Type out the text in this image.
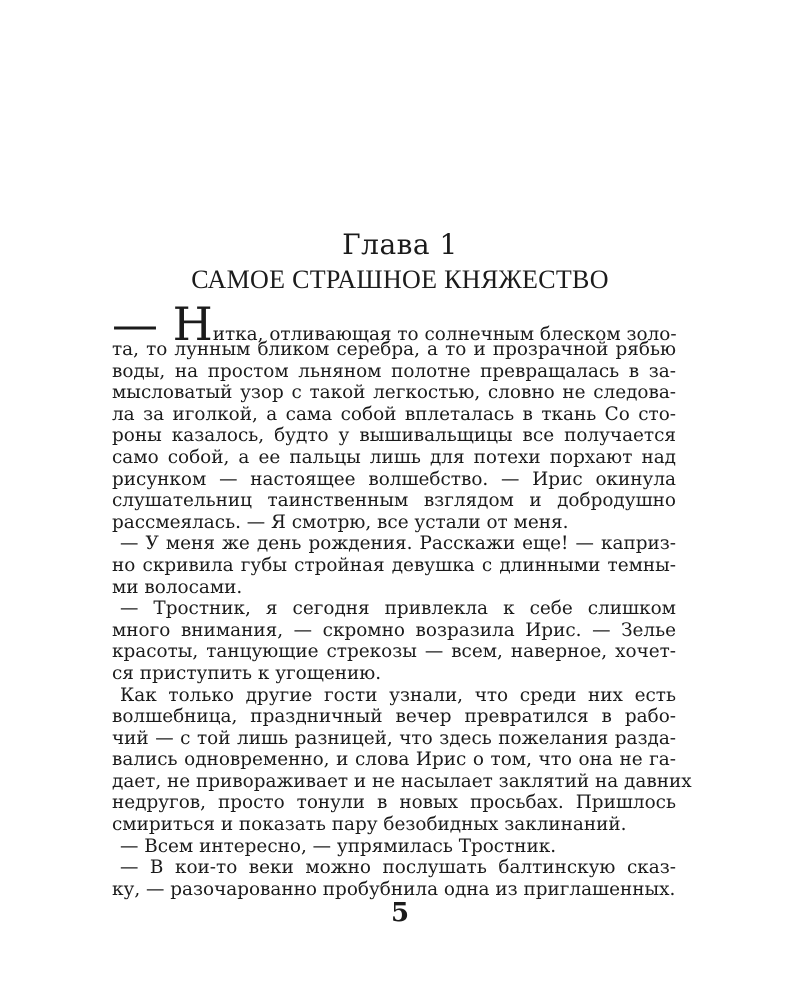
Глава 1
САМОЕ СТРАШНОЕ КНЯЖЕСТВО
— Нитка, отливающая то солнечным блеском золо-
та, то лунным бликом серебра, а то и прозрачной рябью
воды, на простом льняном полотне превращалась в за-
мысловатый узор с такой легкостью, словно не следова-
ла за иголкой, а сама собой вплеталась в ткань Со сто-
роны казалось, будто у вышивальщицы все получается
само собой, а ее пальцы лишь для потехи порхают над
рисунком — настоящее волшебство. — Ирис окинула
слушательниц таинственным взглядом и добродушно
рассмеялась. — Я смотрю, все устали от меня.
— У меня же день рождения. Расскажи еще! — каприз-
но скривила губы стройная девушка с длинными темны-
ми волосами.
— Тростник, я сегодня привлекла к себе слишком
много внимания, — скромно возразила Ирис. — Зелье
красоты, танцующие стрекозы — всем, наверное, хочет-
ся приступить к угощению.
Как только другие гости узнали, что среди них есть
волшебница, праздничный вечер превратился в рабо-
чий — с той лишь разницей, что здесь пожелания разда-
вались одновременно, и слова Ирис о том, что она не га-
дает, не привораживает и не насылает заклятий на давних
недругов, просто тонули в новых просьбах. Пришлось
смириться и показать пару безобидных заклинаний.
— Всем интересно, — упрямилась Тростник.
— В кои-то веки можно послушать балтинскую сказ-
ку, — разочарованно пробубнила одна из приглашенных.
5
